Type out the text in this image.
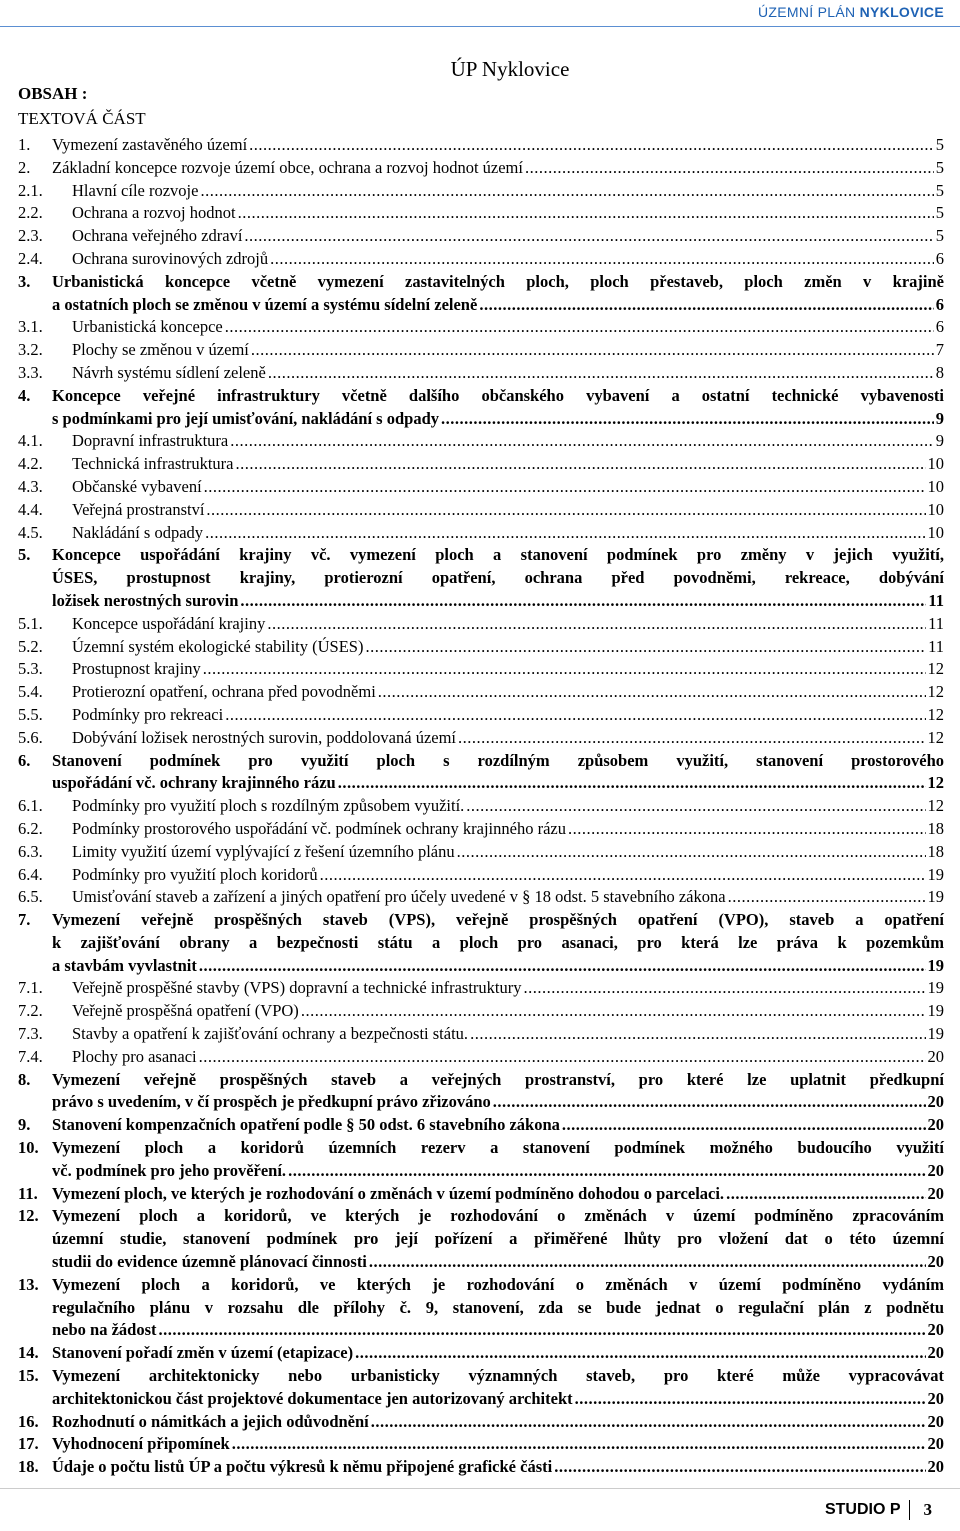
ÚZEMNÍ PLÁN NYKLOVICE
ÚP Nyklovice
OBSAH :
TEXTOVÁ ČÁST
1.	Vymezení zastavěného území .....	5
2.	Základní koncepce rozvoje území obce, ochrana a rozvoj hodnot území .....	5
2.1.	Hlavní cíle rozvoje .....	5
2.2.	Ochrana a rozvoj hodnot .....	5
2.3.	Ochrana veřejného zdraví .....	5
2.4.	Ochrana surovinových zdrojů .....	6
3.	Urbanistická koncepce včetně vymezení zastavitelných ploch, ploch přestaveb, ploch změn v krajině
a ostatních ploch se změnou v území a systému sídelní zeleně .....	6
3.1.	Urbanistická koncepce .....	6
3.2.	Plochy se změnou v území .....	7
3.3.	Návrh systému sídlení zeleně .....	8
4.	Koncepce veřejné infrastruktury včetně dalšího občanského vybavení a ostatní technické vybavenosti
s podmínkami pro její umisťování, nakládání s odpady .....	9
4.1.	Dopravní infrastruktura .....	9
4.2.	Technická infrastruktura .....	10
4.3.	Občanské vybavení .....	10
4.4.	Veřejná prostranství .....	10
4.5.	Nakládání s odpady .....	10
5.	Koncepce uspořádání krajiny vč. vymezení ploch a stanovení podmínek pro změny v jejich využití,
ÚSES, prostupnost krajiny, protierozní opatření, ochrana před povodněmi, rekreace, dobývání
ložisek nerostných surovin .....	11
5.1.	Koncepce uspořádání krajiny .....	11
5.2.	Územní systém ekologické stability (ÚSES) .....	11
5.3.	Prostupnost krajiny .....	12
5.4.	Protierozní opatření, ochrana před povodněmi .....	12
5.5.	Podmínky pro rekreaci .....	12
5.6.	Dobývání ložisek nerostných surovin, poddolovaná území .....	12
6.	Stanovení podmínek pro využití ploch s rozdílným způsobem využití, stanovení prostorového
uspořádání vč. ochrany krajinného rázu .....	12
6.1.	Podmínky pro využití ploch s rozdílným způsobem využití. .....	12
6.2.	Podmínky prostorového uspořádání vč. podmínek ochrany krajinného rázu .....	18
6.3.	Limity využití území vyplývající z řešení územního plánu .....	18
6.4.	Podmínky pro využití ploch koridorů .....	19
6.5.	Umisťování staveb a zařízení a jiných opatření pro účely uvedené v § 18 odst. 5 stavebního zákona .....	19
7.	Vymezení veřejně prospěšných staveb (VPS), veřejně prospěšných opatření (VPO), staveb a opatření
k zajišťování obrany a bezpečnosti státu a ploch pro asanaci, pro která lze práva k pozemkům
a stavbám vyvlastnit .....	19
7.1.	Veřejně prospěšné stavby (VPS) dopravní a technické infrastruktury .....	19
7.2.	Veřejně prospěšná opatření (VPO) .....	19
7.3.	Stavby a opatření k zajišťování ochrany a bezpečnosti státu. .....	19
7.4.	Plochy pro asanaci .....	20
8.	Vymezení veřejně prospěšných staveb a veřejných prostranství, pro které lze uplatnit předkupní
právo s uvedením, v čí prospěch je předkupní právo zřizováno .....	20
9.	Stanovení kompenzačních opatření podle § 50 odst. 6 stavebního zákona .....	20
10. Vymezení ploch a koridorů územních rezerv a stanovení podmínek možného budoucího využití
vč. podmínek pro jeho prověření. .....	20
11. Vymezení ploch, ve kterých je rozhodování o změnách v území podmíněno dohodou o parcelaci. .....	20
12. Vymezení ploch a koridorů, ve kterých je rozhodování o změnách v území podmíněno zpracováním
územní studie, stanovení podmínek pro její pořízení a přiměřené lhůty pro vložení dat o této územní
studii do evidence územně plánovací činnosti .....	20
13. Vymezení ploch a koridorů, ve kterých je rozhodování o změnách v území podmíněno vydáním
regulačního plánu v rozsahu dle přílohy č. 9, stanovení, zda se bude jednat o regulační plán z podnětu
nebo na žádost .....	20
14. Stanovení pořadí změn v území (etapizace) .....	20
15. Vymezení architektonicky nebo urbanisticky významných staveb, pro které může vypracovávat
architektonickou část projektové dokumentace jen autorizovaný architekt .....	20
16. Rozhodnutí o námitkách a jejich odůvodnění .....	20
17. Vyhodnocení připomínek .....	20
18. Údaje o počtu listů ÚP a počtu výkresů k němu připojené grafické části .....	20
STUDIO P 3
